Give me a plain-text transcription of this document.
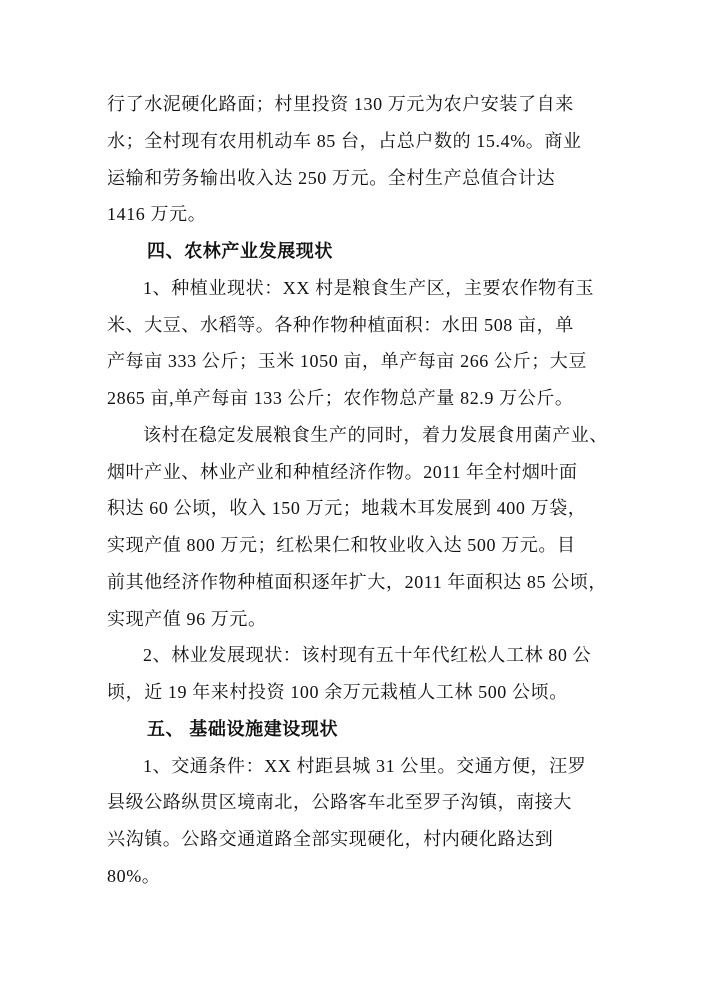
行了水泥硬化路面；村里投资 130 万元为农户安装了自来
水；全村现有农用机动车 85 台，占总户数的 15.4%。商业
运输和劳务输出收入达 250 万元。全村生产总值合计达
1416 万元。
四、农林产业发展现状
1、种植业现状：XX 村是粮食生产区，主要农作物有玉
米、大豆、水稻等。各种作物种植面积：水田 508 亩，单
产每亩 333 公斤；玉米 1050 亩，单产每亩 266 公斤；大豆
2865 亩,单产每亩 133 公斤；农作物总产量 82.9 万公斤。
该村在稳定发展粮食生产的同时，着力发展食用菌产业、
烟叶产业、林业产业和种植经济作物。2011 年全村烟叶面
积达 60 公顷，收入 150 万元；地栽木耳发展到 400 万袋，
实现产值 800 万元；红松果仁和牧业收入达 500 万元。目
前其他经济作物种植面积逐年扩大，2011 年面积达 85 公顷，
实现产值 96 万元。
2、林业发展现状：该村现有五十年代红松人工林 80 公
顷，近 19 年来村投资 100 余万元栽植人工林 500 公顷。
五、 基础设施建设现状
1、交通条件：XX 村距县城 31 公里。交通方便，汪罗
县级公路纵贯区境南北，公路客车北至罗子沟镇，南接大
兴沟镇。公路交通道路全部实现硬化，村内硬化路达到
80%。
